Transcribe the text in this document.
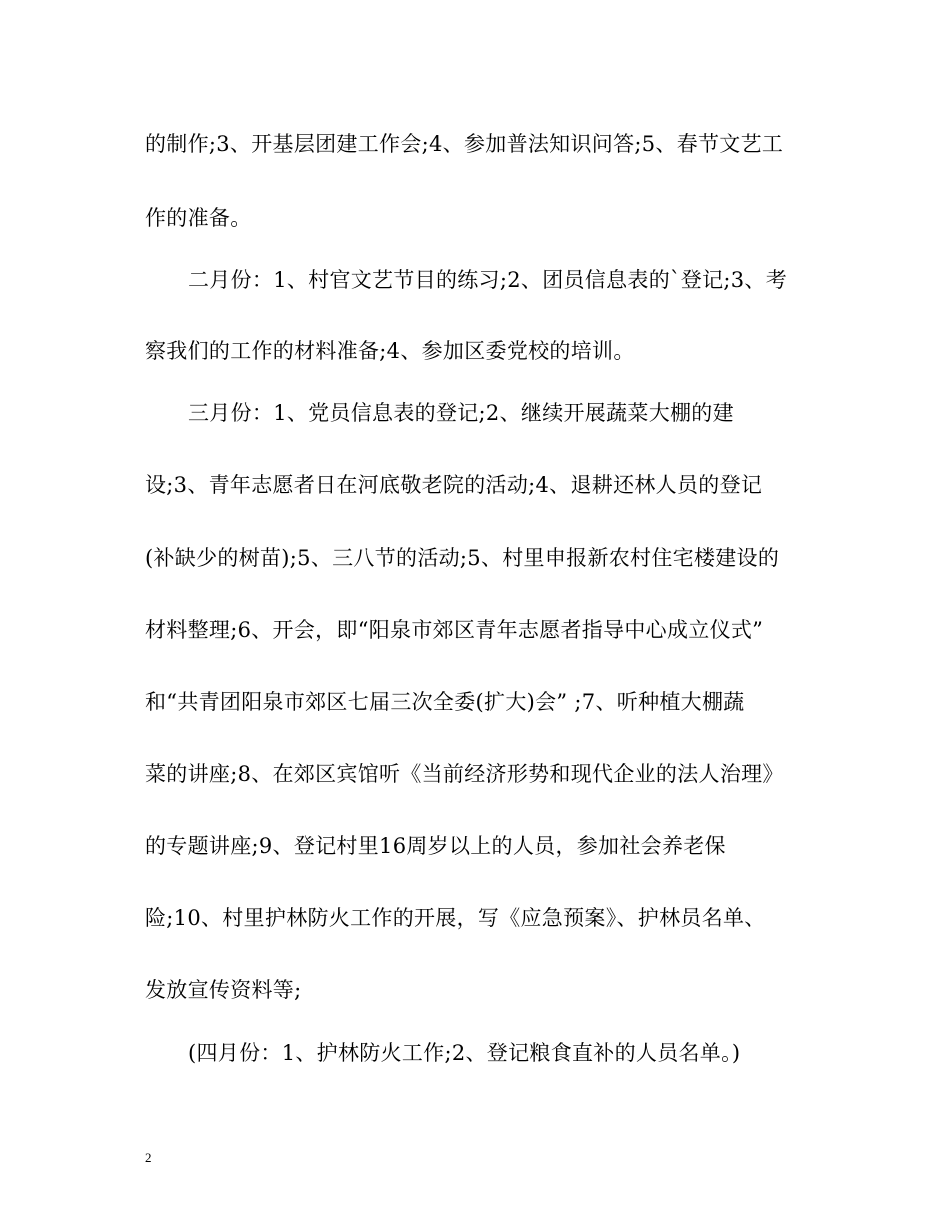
的制作;3、开基层团建工作会;4、参加普法知识问答;5、春节文艺工
作的准备。
二月份：1、村官文艺节目的练习;2、团员信息表的`登记;3、考
察我们的工作的材料准备;4、参加区委党校的培训。
三月份：1、党员信息表的登记;2、继续开展蔬菜大棚的建
设;3、青年志愿者日在河底敬老院的活动;4、退耕还林人员的登记
(补缺少的树苗);5、三八节的活动;5、村里申报新农村住宅楼建设的
材料整理;6、开会，即“阳泉市郊区青年志愿者指导中心成立仪式”
和“共青团阳泉市郊区七届三次全委(扩大)会” ;7、听种植大棚蔬
菜的讲座;8、在郊区宾馆听《当前经济形势和现代企业的法人治理》
的专题讲座;9、登记村里16周岁以上的人员，参加社会养老保
险;10、村里护林防火工作的开展，写《应急预案》、护林员名单、
发放宣传资料等;
(四月份：1、护林防火工作;2、登记粮食直补的人员名单。)
2
